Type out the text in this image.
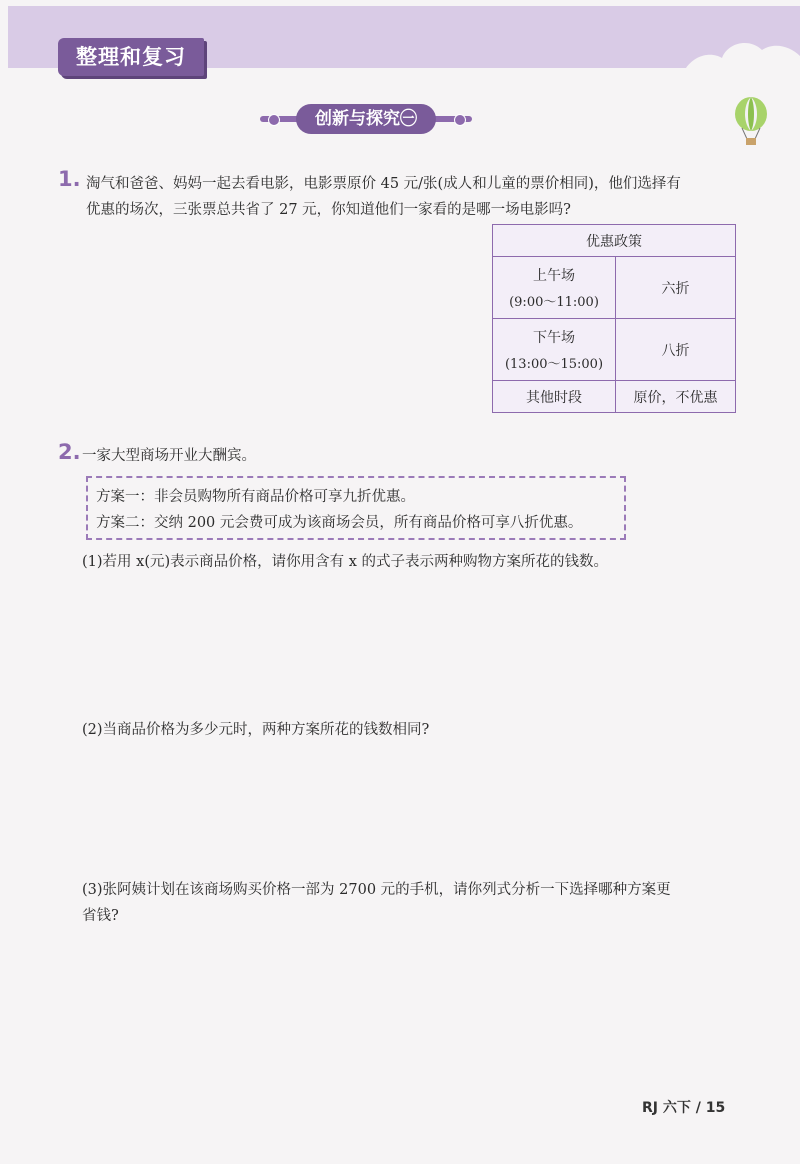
整理和复习
创新与探究㊀
1. 淘气和爸爸、妈妈一起去看电影，电影票原价 45 元/张(成人和儿童的票价相同)，他们选择有
优惠的场次，三张票总共省了 27 元，你知道他们一家看的是哪一场电影吗?
优惠政策	

上午场
(9:00～11:00)	六折

下午场
(13:00～15:00)	八折
其他时段	原价，不优惠
2. 一家大型商场开业大酬宾。
方案一：非会员购物所有商品价格可享九折优惠。
方案二：交纳 200 元会费可成为该商场会员，所有商品价格可享八折优惠。
(1)若用 x(元)表示商品价格，请你用含有 x 的式子表示两种购物方案所花的钱数。
(2)当商品价格为多少元时，两种方案所花的钱数相同?
(3)张阿姨计划在该商场购买价格一部为 2700 元的手机，请你列式分析一下选择哪种方案更
省钱?
RJ 六下 / 15
